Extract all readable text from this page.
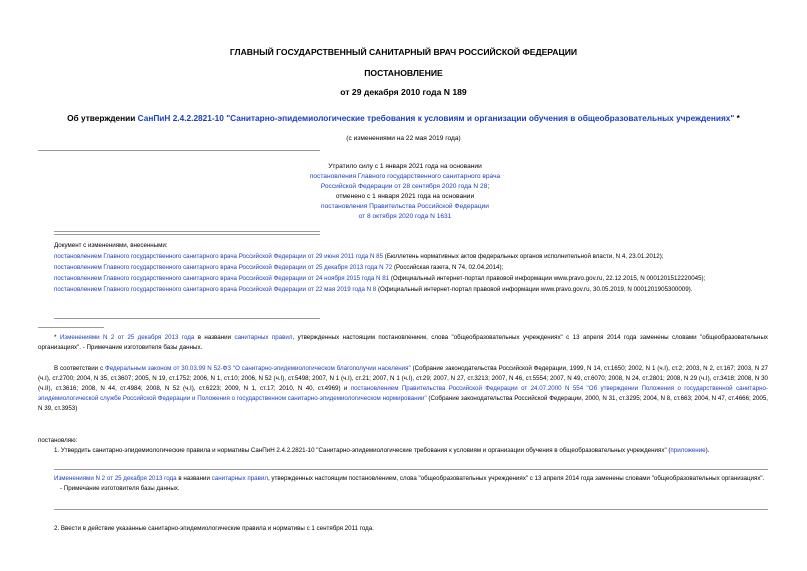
ГЛАВНЫЙ ГОСУДАРСТВЕННЫЙ САНИТАРНЫЙ ВРАЧ РОССИЙСКОЙ ФЕДЕРАЦИИ
ПОСТАНОВЛЕНИЕ
от 29 декабря 2010 года N 189
Об утверждении СанПиН 2.4.2.2821-10 "Санитарно-эпидемиологические требования к условиям и организации обучения в общеобразовательных учреждениях" *
(с изменениями на 22 мая 2019 года)

Утратило силу с 1 января 2021 года на основании

постановления Главного государственного санитарного врача

Российской Федерации от 28 сентября 2020 года N 28;

отменено с 1 января 2021 года на основании

постановления Правительства Российской Федерации

от 8 октября 2020 года N 1631

Документ с изменениями, внесенными:

постановлением Главного государственного санитарного врача Российской Федерации от 29 июня 2011 года N 85 (Бюллетень нормативных актов федеральных органов исполнительной власти, N 4, 23.01.2012);

постановлением Главного государственного санитарного врача Российской Федерации от 25 декабря 2013 года N 72 (Российская газета, N 74, 02.04.2014);

постановлением Главного государственного санитарного врача Российской Федерации от 24 ноября 2015 года N 81 (Официальный интернет-портал правовой информации www.pravo.gov.ru, 22.12.2015, N 0001201512220045);

постановлением Главного государственного санитарного врача Российской Федерации от 22 мая 2019 года N 8 (Официальный интернет-портал правовой информации www.pravo.gov.ru, 30.05.2019, N 0001201905300009).

* Изменениями N 2 от 25 декабря 2013 года в названии санитарных правил, утвержденных настоящим постановлением, слова "общеобразовательных учреждениях" с 13 апреля 2014 года заменены словами "общеобразовательных организациях". - Примечание изготовителя базы данных.
В соответствии с Федеральным законом от 30.03.99 N 52-ФЗ "О санитарно-эпидемиологическом благополучии населения" (Собрание законодательства Российской Федерации, 1999, N 14, ст.1650; 2002, N 1 (ч.I), ст.2; 2003, N 2, ст.167; 2003, N 27 (ч.I), ст.2700; 2004, N 35, ст.3607; 2005, N 19, ст.1752; 2006, N 1, ст.10; 2006, N 52 (ч.I), ст.5498; 2007, N 1 (ч.I), ст.21; 2007, N 1 (ч.I), ст.29; 2007, N 27, ст.3213; 2007, N 46, ст.5554; 2007, N 49, ст.6070; 2008, N 24, ст.2801; 2008, N 29 (ч.I), ст.3418; 2008, N 30 (ч.II), ст.3616; 2008, N 44, ст.4984; 2008, N 52 (ч.I), ст.6223; 2009, N 1, ст.17; 2010, N 40, ст.4969) и постановлением Правительства Российской Федерации от 24.07.2000 N 554 "Об утверждении Положения о государственной санитарно-эпидемиологической службе Российской Федерации и Положения о государственном санитарно-эпидемиологическом нормировании" (Собрание законодательства Российской Федерации, 2000, N 31, ст.3295; 2004, N 8, ст.663; 2004, N 47, ст.4666; 2005, N 39, ст.3953)
постановляю:
1. Утвердить санитарно-эпидемиологические правила и нормативы СанПиН 2.4.2.2821-10 "Санитарно-эпидемиологические требования к условиям и организации обучения в общеобразовательных учреждениях" (приложение).

Изменениями N 2 от 25 декабря 2013 года в названии санитарных правил, утвержденных настоящим постановлением, слова "общеобразовательных учреждениях" с 13 апреля 2014 года заменены словами "общеобразовательных организациях".

- Примечание изготовителя базы данных.

2. Ввести в действие указанные санитарно-эпидемиологические правила и нормативы с 1 сентября 2011 года.
